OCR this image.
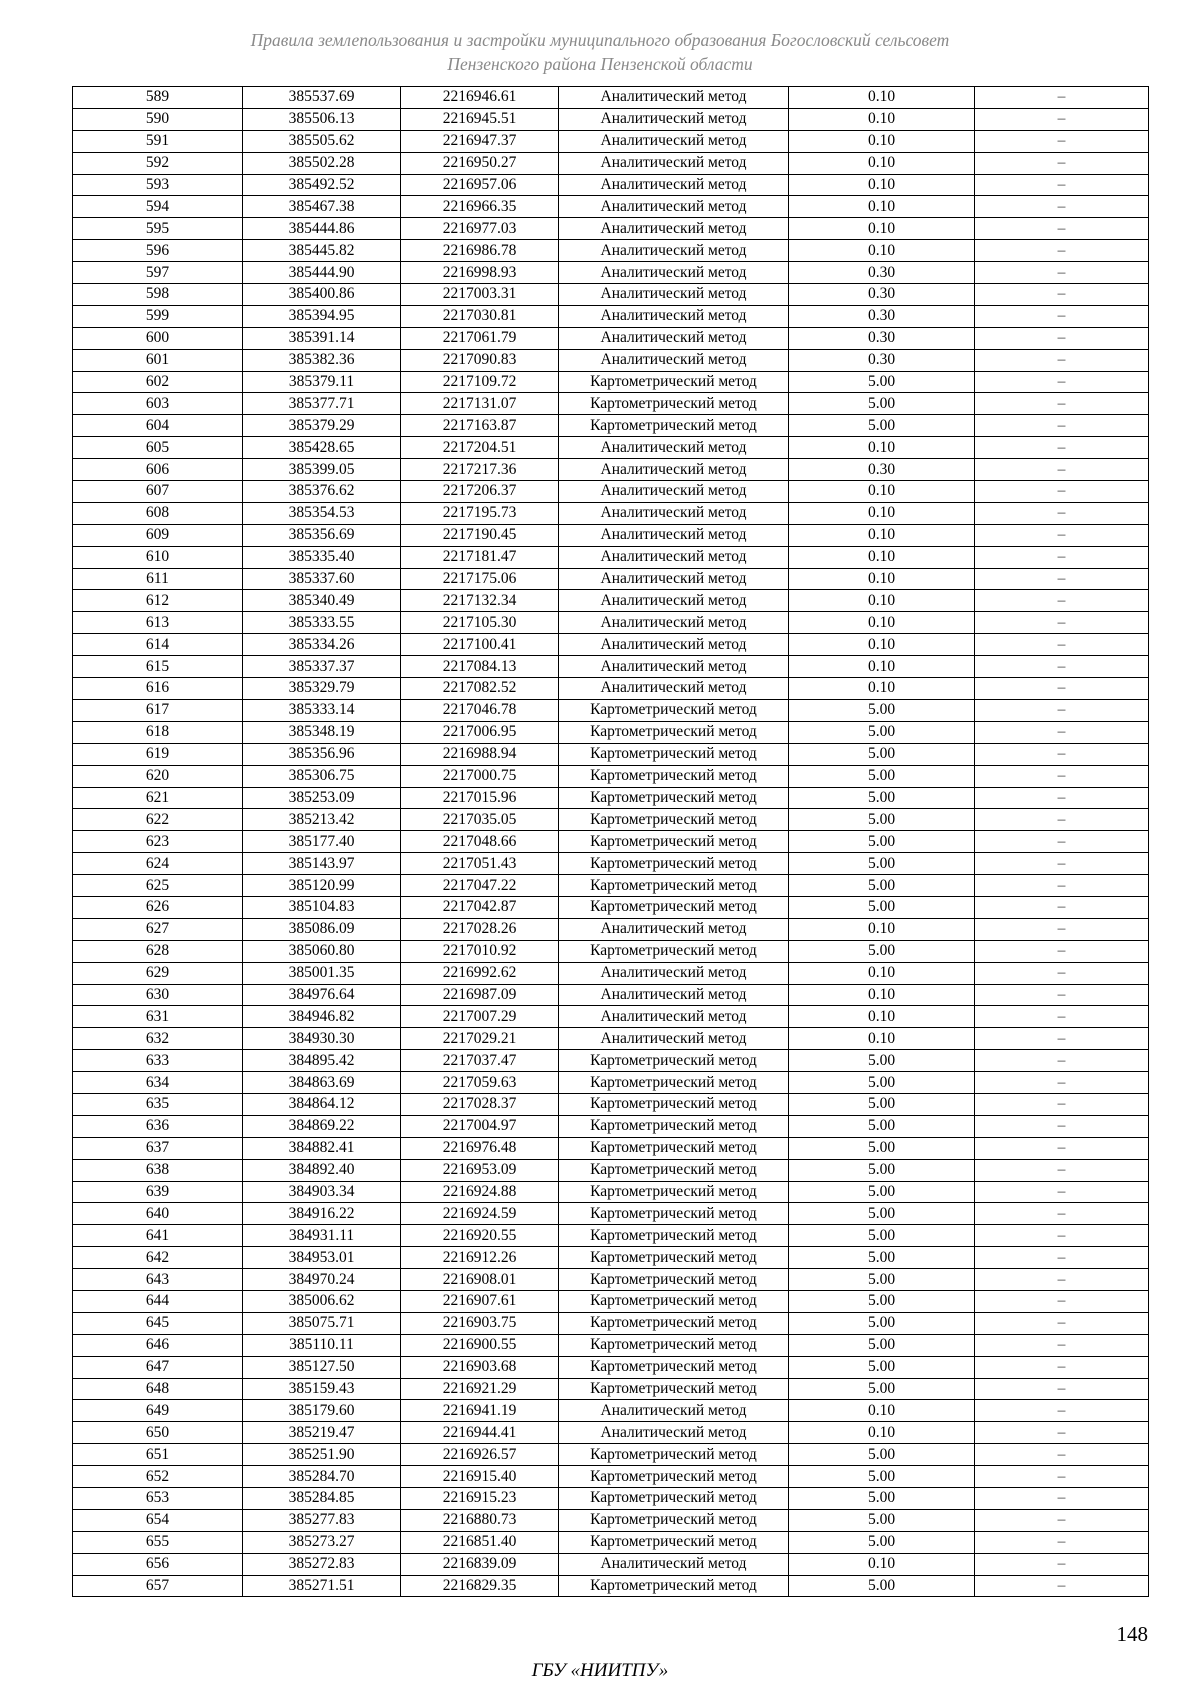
Правила землепользования и застройки муниципального образования Богословский сельсовет
Пензенского района Пензенской области
589	385537.69	2216946.61	Аналитический метод	0.10	–
590	385506.13	2216945.51	Аналитический метод	0.10	–
591	385505.62	2216947.37	Аналитический метод	0.10	–
592	385502.28	2216950.27	Аналитический метод	0.10	–
593	385492.52	2216957.06	Аналитический метод	0.10	–
594	385467.38	2216966.35	Аналитический метод	0.10	–
595	385444.86	2216977.03	Аналитический метод	0.10	–
596	385445.82	2216986.78	Аналитический метод	0.10	–
597	385444.90	2216998.93	Аналитический метод	0.30	–
598	385400.86	2217003.31	Аналитический метод	0.30	–
599	385394.95	2217030.81	Аналитический метод	0.30	–
600	385391.14	2217061.79	Аналитический метод	0.30	–
601	385382.36	2217090.83	Аналитический метод	0.30	–
602	385379.11	2217109.72	Картометрический метод	5.00	–
603	385377.71	2217131.07	Картометрический метод	5.00	–
604	385379.29	2217163.87	Картометрический метод	5.00	–
605	385428.65	2217204.51	Аналитический метод	0.10	–
606	385399.05	2217217.36	Аналитический метод	0.30	–
607	385376.62	2217206.37	Аналитический метод	0.10	–
608	385354.53	2217195.73	Аналитический метод	0.10	–
609	385356.69	2217190.45	Аналитический метод	0.10	–
610	385335.40	2217181.47	Аналитический метод	0.10	–
611	385337.60	2217175.06	Аналитический метод	0.10	–
612	385340.49	2217132.34	Аналитический метод	0.10	–
613	385333.55	2217105.30	Аналитический метод	0.10	–
614	385334.26	2217100.41	Аналитический метод	0.10	–
615	385337.37	2217084.13	Аналитический метод	0.10	–
616	385329.79	2217082.52	Аналитический метод	0.10	–
617	385333.14	2217046.78	Картометрический метод	5.00	–
618	385348.19	2217006.95	Картометрический метод	5.00	–
619	385356.96	2216988.94	Картометрический метод	5.00	–
620	385306.75	2217000.75	Картометрический метод	5.00	–
621	385253.09	2217015.96	Картометрический метод	5.00	–
622	385213.42	2217035.05	Картометрический метод	5.00	–
623	385177.40	2217048.66	Картометрический метод	5.00	–
624	385143.97	2217051.43	Картометрический метод	5.00	–
625	385120.99	2217047.22	Картометрический метод	5.00	–
626	385104.83	2217042.87	Картометрический метод	5.00	–
627	385086.09	2217028.26	Аналитический метод	0.10	–
628	385060.80	2217010.92	Картометрический метод	5.00	–
629	385001.35	2216992.62	Аналитический метод	0.10	–
630	384976.64	2216987.09	Аналитический метод	0.10	–
631	384946.82	2217007.29	Аналитический метод	0.10	–
632	384930.30	2217029.21	Аналитический метод	0.10	–
633	384895.42	2217037.47	Картометрический метод	5.00	–
634	384863.69	2217059.63	Картометрический метод	5.00	–
635	384864.12	2217028.37	Картометрический метод	5.00	–
636	384869.22	2217004.97	Картометрический метод	5.00	–
637	384882.41	2216976.48	Картометрический метод	5.00	–
638	384892.40	2216953.09	Картометрический метод	5.00	–
639	384903.34	2216924.88	Картометрический метод	5.00	–
640	384916.22	2216924.59	Картометрический метод	5.00	–
641	384931.11	2216920.55	Картометрический метод	5.00	–
642	384953.01	2216912.26	Картометрический метод	5.00	–
643	384970.24	2216908.01	Картометрический метод	5.00	–
644	385006.62	2216907.61	Картометрический метод	5.00	–
645	385075.71	2216903.75	Картометрический метод	5.00	–
646	385110.11	2216900.55	Картометрический метод	5.00	–
647	385127.50	2216903.68	Картометрический метод	5.00	–
648	385159.43	2216921.29	Картометрический метод	5.00	–
649	385179.60	2216941.19	Аналитический метод	0.10	–
650	385219.47	2216944.41	Аналитический метод	0.10	–
651	385251.90	2216926.57	Картометрический метод	5.00	–
652	385284.70	2216915.40	Картометрический метод	5.00	–
653	385284.85	2216915.23	Картометрический метод	5.00	–
654	385277.83	2216880.73	Картометрический метод	5.00	–
655	385273.27	2216851.40	Картометрический метод	5.00	–
656	385272.83	2216839.09	Аналитический метод	0.10	–
657	385271.51	2216829.35	Картометрический метод	5.00	–
148
ГБУ «НИИТПУ»
